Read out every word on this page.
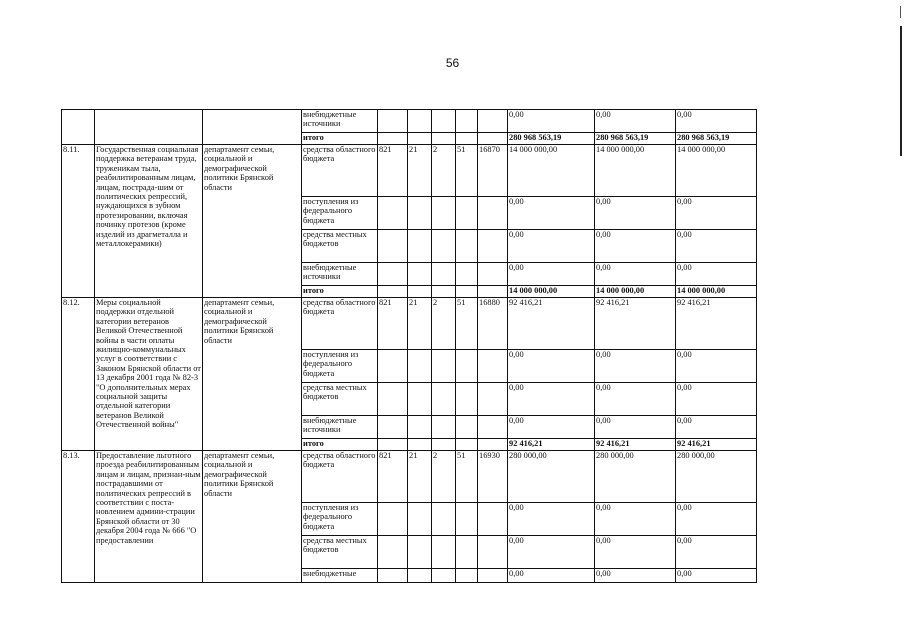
56
			внебюджетные источники						0,00	0,00	0,00
			итого						280 968 563,19	280 968 563,19	280 968 563,19
8.11.	Государственная социальная поддержка ветеранам труда, труженикам тыла, реабилитированным лицам, лицам, пострада-шим от политических репрессий, нуждающихся в зубном протезировании, включая починку протезов (кроме изделий из драгметалла и металлокерамики)	департамент семьи, социальной и демографической политики Брянской области	средства областного бюджета	821	21	2	51	16870	14 000 000,00	14 000 000,00	14 000 000,00
			поступления из федерального бюджета						0,00	0,00	0,00
			средства местных бюджетов						0,00	0,00	0,00
			внебюджетные источники						0,00	0,00	0,00
			итого						14 000 000,00	14 000 000,00	14 000 000,00
8.12.	Меры социальной поддержки отдельной категории ветеранов Великой Отечественной войны в части оплаты жилищно-коммунальных услуг в соответствии с Законом Брянской области от 13 декабря 2001 года № 82-3 "О дополнительных мерах социальной защиты отдельной категории ветеранов Великой Отечественной войны"	департамент семьи, социальной и демографической политики Брянской области	средства областного бюджета	821	21	2	51	16880	92 416,21	92 416,21	92 416,21
			поступления из федерального бюджета						0,00	0,00	0,00
			средства местных бюджетов						0,00	0,00	0,00
			внебюджетные источники						0,00	0,00	0,00
			итого						92 416,21	92 416,21	92 416,21
8.13.	Предоставление льготного проезда реабилитированным лицам и лицам, признан-ным пострадавшими от политических репрессий в соответствии с поста-новлением админи-страции Брянской области от 30 декабря 2004 года № 666 "О предоставлении	департамент семьи, социальной и демографической политики Брянской области	средства областного бюджета	821	21	2	51	16930	280 000,00	280 000,00	280 000,00
			поступления из федерального бюджета						0,00	0,00	0,00
			средства местных бюджетов						0,00	0,00	0,00
			внебюджетные						0,00	0,00	0,00
